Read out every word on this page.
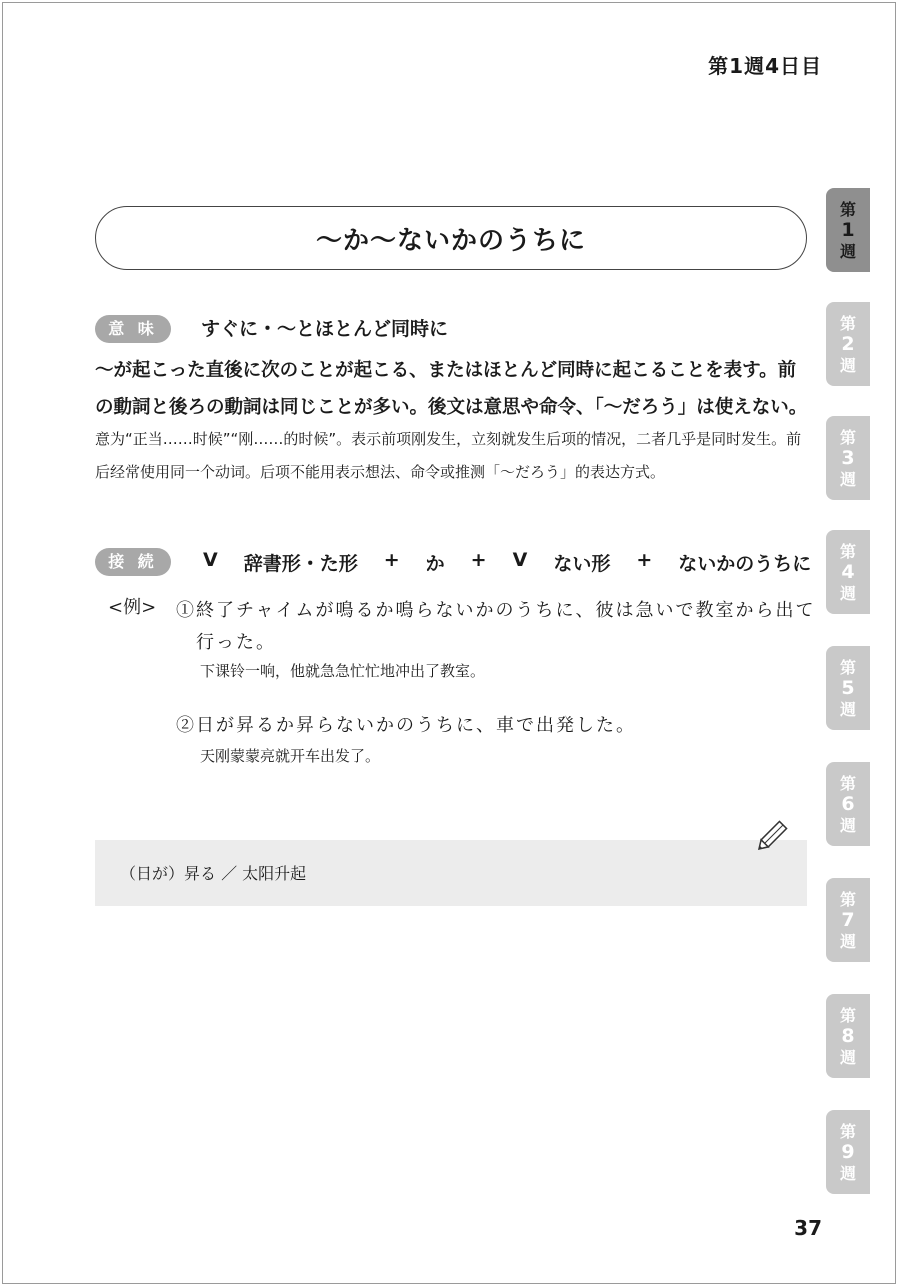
第1週4日目
～か～ないかのうちに
意 味	すぐに・～とほとんど同時に
～が起こった直後に次のことが起こる、またはほとんど同時に起こることを表す。前
の動詞と後ろの動詞は同じことが多い。後文は意思や命令、「～だろう」は使えない。
意为“正当……时候”“刚……的时候”。表示前项刚发生，立刻就发生后项的情况，二者几乎是同时发生。前后经常使用同一个动词。后项不能用表示想法、命令或推测「～だろう」的表达方式。
接 続	V 辞書形・た形 + か + V ない形 + ないかのうちに
<例> ①終了チャイムが鳴るか鳴らないかのうちに、彼は急いで教室から出て
行った。
下课铃一响，他就急急忙忙地冲出了教室。
②日が昇るか昇らないかのうちに、車で出発した。
天刚蒙蒙亮就开车出发了。
（日が）昇る ／ 太阳升起
第
1
週
第
2
週
第
3
週
第
4
週
第
5
週
第
6
週
第
7
週
第
8
週
第
9
週
37
